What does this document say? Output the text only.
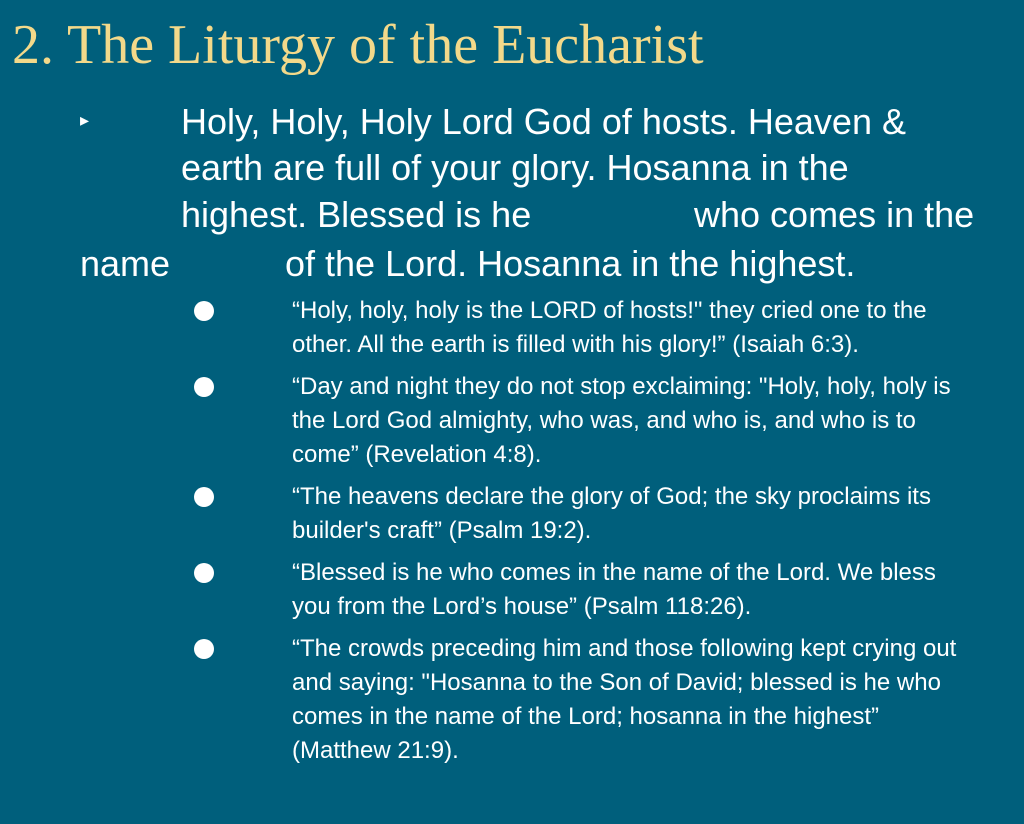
2. The Liturgy of the Eucharist
▸	Holy, Holy, Holy Lord God of hosts. Heaven &
earth are full of your glory. Hosanna in the
highest. Blessed is he	who comes in the
name	of the Lord. Hosanna in the highest.
“Holy, holy, holy is the LORD of hosts!" they cried one to the other. All the earth is filled with his glory!” (Isaiah 6:3).
“Day and night they do not stop exclaiming: "Holy, holy, holy is the Lord God almighty, who was, and who is, and who is to come” (Revelation 4:8).
“The heavens declare the glory of God; the sky proclaims its builder's craft” (Psalm 19:2).
“Blessed is he who comes in the name of the Lord. We bless you from the Lord’s house” (Psalm 118:26).
“The crowds preceding him and those following kept crying out and saying: "Hosanna to the Son of David; blessed is he who comes in the name of the Lord; hosanna in the highest” (Matthew 21:9).
